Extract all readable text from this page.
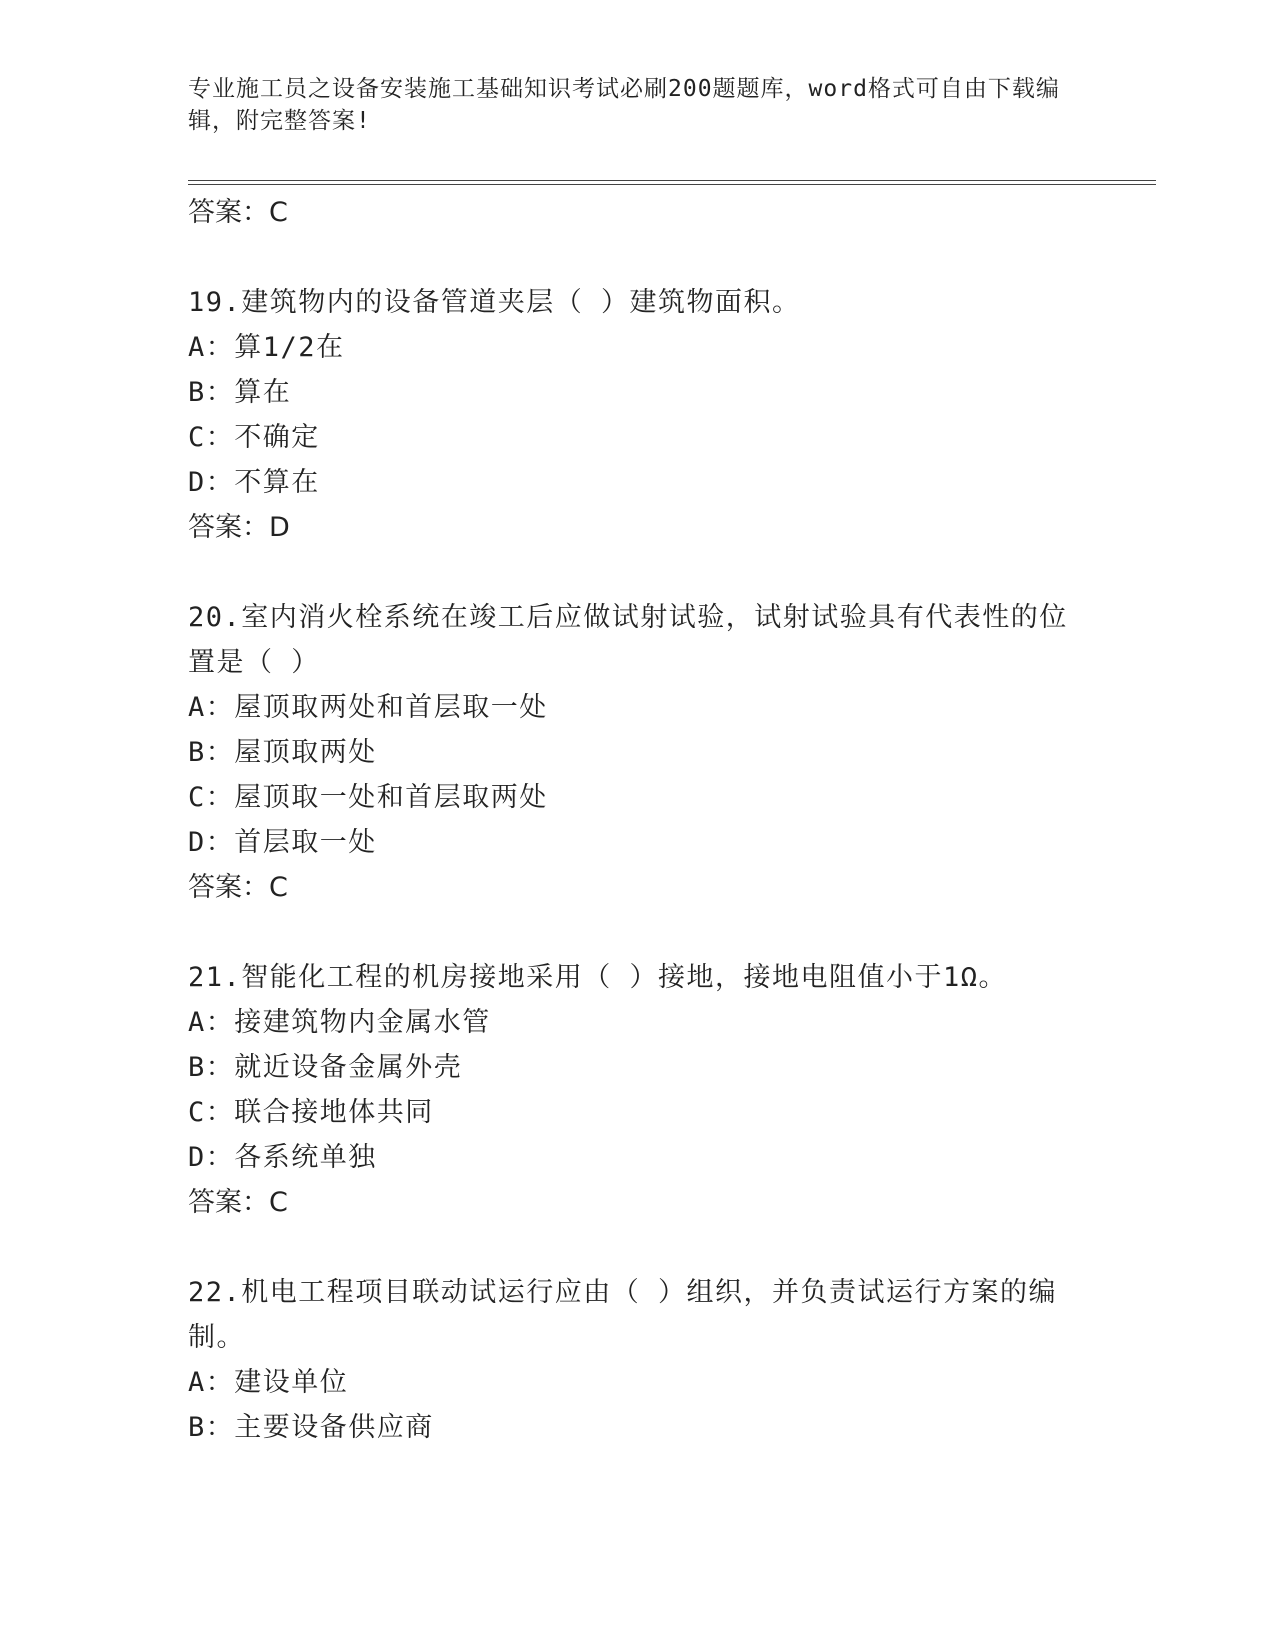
专业施工员之设备安装施工基础知识考试必刷200题题库，word格式可自由下载编辑，附完整答案!

答案：C

19.建筑物内的设备管道夹层（ ）建筑物面积。

A：算1/2在

B：算在

C：不确定

D：不算在

答案：D

20.室内消火栓系统在竣工后应做试射试验，试射试验具有代表性的位置是（ ）

A：屋顶取两处和首层取一处

B：屋顶取两处

C：屋顶取一处和首层取两处

D：首层取一处

答案：C

21.智能化工程的机房接地采用（ ）接地，接地电阻值小于1Ω。

A：接建筑物内金属水管

B：就近设备金属外壳

C：联合接地体共同

D：各系统单独

答案：C

22.机电工程项目联动试运行应由（ ）组织，并负责试运行方案的编制。

A：建设单位

B：主要设备供应商
